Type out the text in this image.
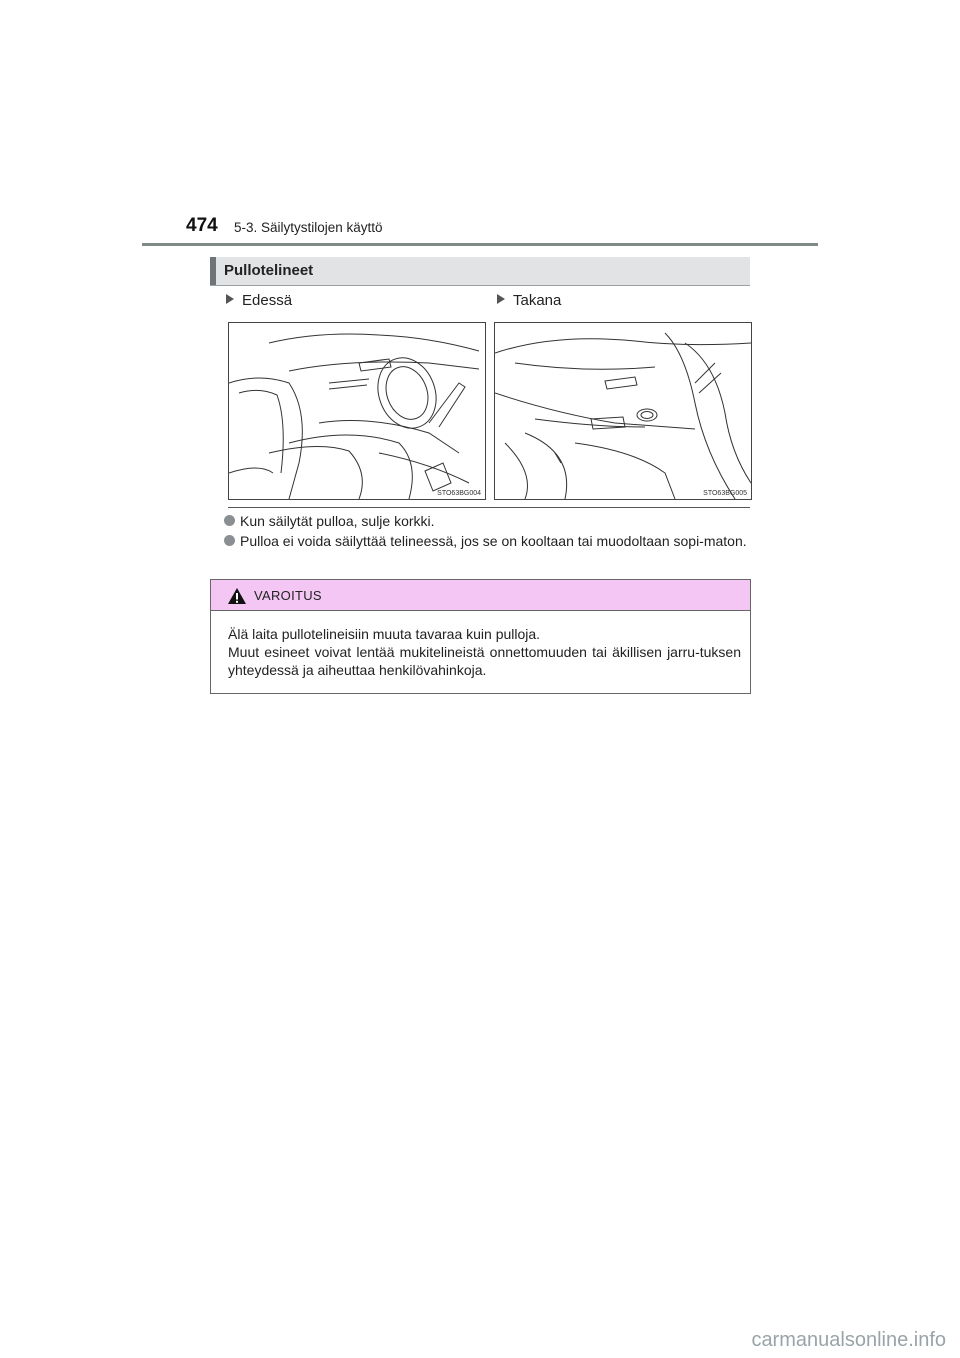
474 5-3. Säilytystilojen käyttö
Pullotelineet
Edessä	Takana
STO63BG004	STO63BG005
Kun säilytät pulloa, sulje korkki.
Pulloa ei voida säilyttää telineessä, jos se on kooltaan tai muodoltaan sopi-maton.
VAROITUS

Älä laita pullotelineisiin muuta tavaraa kuin pulloja.

Muut esineet voivat lentää mukitelineistä onnettomuuden tai äkillisen jarru-tuksen yhteydessä ja aiheuttaa henkilövahinkoja.

carmanualsonline.info
